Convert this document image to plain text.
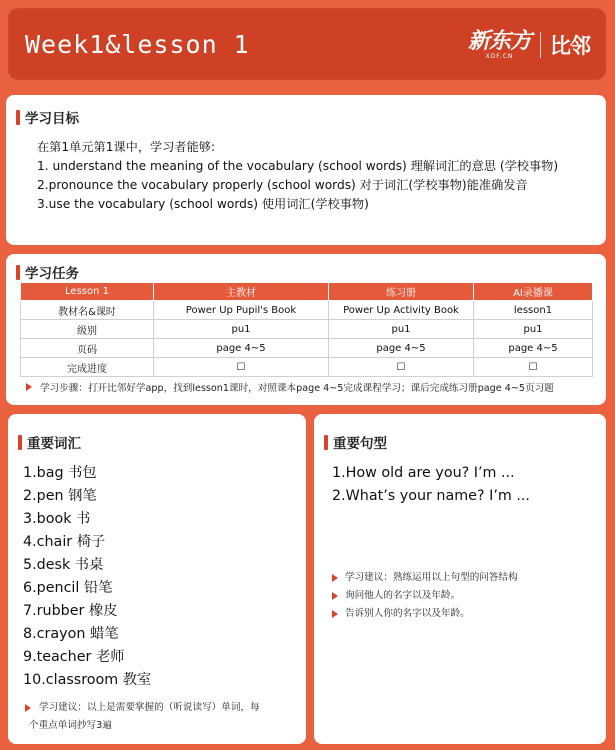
Week1&lesson 1	新东方
XDF.CN 比邻
学习目标
在第1单元第1课中，学习者能够:
1. understand the meaning of the vocabulary (school words) 理解词汇的意思 (学校事物)
2.pronounce the vocabulary properly (school words) 对于词汇(学校事物)能准确发音
3.use the vocabulary (school words) 使用词汇(学校事物)
学习任务
Lesson 1	主教材	练习册	AI录播课
教材名&课时	Power Up Pupil's Book	Power Up Activity Book	lesson1
级别	pu1	pu1	pu1
页码	page 4~5	page 4~5	page 4~5
完成进度	☐	☐	☐
学习步骤：打开比邻好学app，找到lesson1课时，对照课本page 4~5完成课程学习；课后完成练习册page 4~5页习题
重要词汇
1.bag 书包
2.pen 钢笔
3.book 书
4.chair 椅子
5.desk 书桌
6.pencil 铅笔
7.rubber 橡皮
8.crayon 蜡笔
9.teacher 老师
10.classroom 教室
学习建议：以上是需要掌握的（听说读写）单词，每
个重点单词抄写3遍
重要句型
1.How old are you? I’m ...
2.What’s your name? I’m ...
学习建议：熟练运用以上句型的问答结构
询问他人的名字以及年龄。
告诉别人你的名字以及年龄。
